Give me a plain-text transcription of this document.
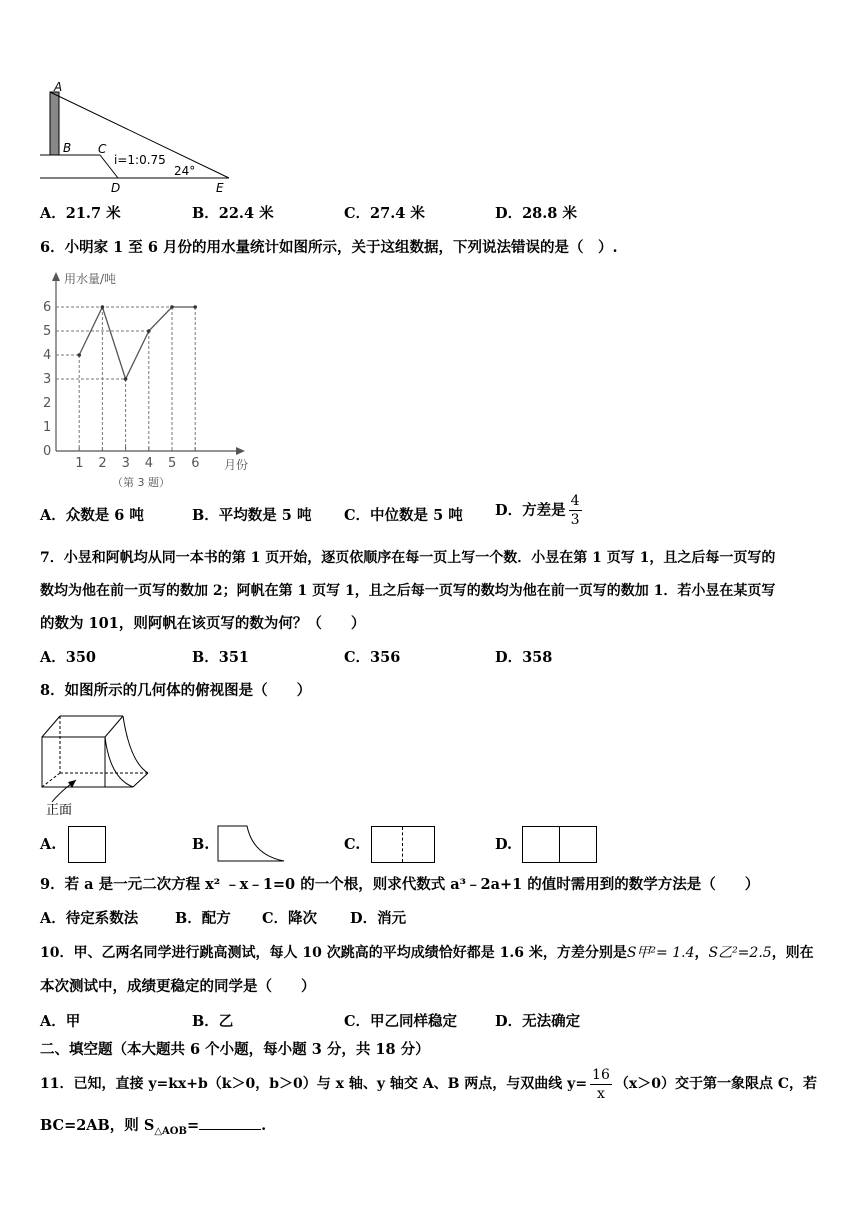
A
B C
D	E
i=1:0.75
24°
A．21.7 米	B．22.4 米	C．27.4 米	D．28.8 米
6．小明家 1 至 6 月份的用水量统计如图所示，关于这组数据，下列说法错误的是（　）.
用水量/吨
月份
（第 3 题）
0
1
2
3
4
5
6
1 2 3 4 5 6
A．众数是 6 吨	B．平均数是 5 吨 C．中位数是 5 吨 D．方差是 $\frac{4}{3}$
7．小昱和阿帆均从同一本书的第 1 页开始，逐页依顺序在每一页上写一个数．小昱在第 1 页写 1，且之后每一页写的
数均为他在前一页写的数加 2；阿帆在第 1 页写 1，且之后每一页写的数均为他在前一页写的数加 1．若小昱在某页写
的数为 101，则阿帆在该页写的数为何？（　　）
A．350	B．351	C．356	D．358
8．如图所示的几何体的俯视图是（　　）
正面
A.	B.	C.	D.
9．若 a 是一元二次方程 x² ﹣x﹣1=0 的一个根，则求代数式 a³﹣2a+1 的值时需用到的数学方法是（　　）
A．待定系数法	B．配方 C．降次 D．消元
10．甲、乙两名同学进行跳高测试，每人 10 次跳高的平均成绩恰好都是 1.6 米，方差分别是S甲²= 1.4，S乙²=2.5，则在
本次测试中，成绩更稳定的同学是（　　）
A．甲	B．乙	C．甲乙同样稳定	D．无法确定
二、填空题（本大题共 6 个小题，每小题 3 分，共 18 分）
11．已知，直接 y=kx+b（k＞0，b＞0）与 x 轴、y 轴交 A、B 两点，与双曲线 $y= \frac{16}{x} (x>0)$交于第一象限点 C，若
BC=2AB，则 $S_{\triangle AOB}=$	.
